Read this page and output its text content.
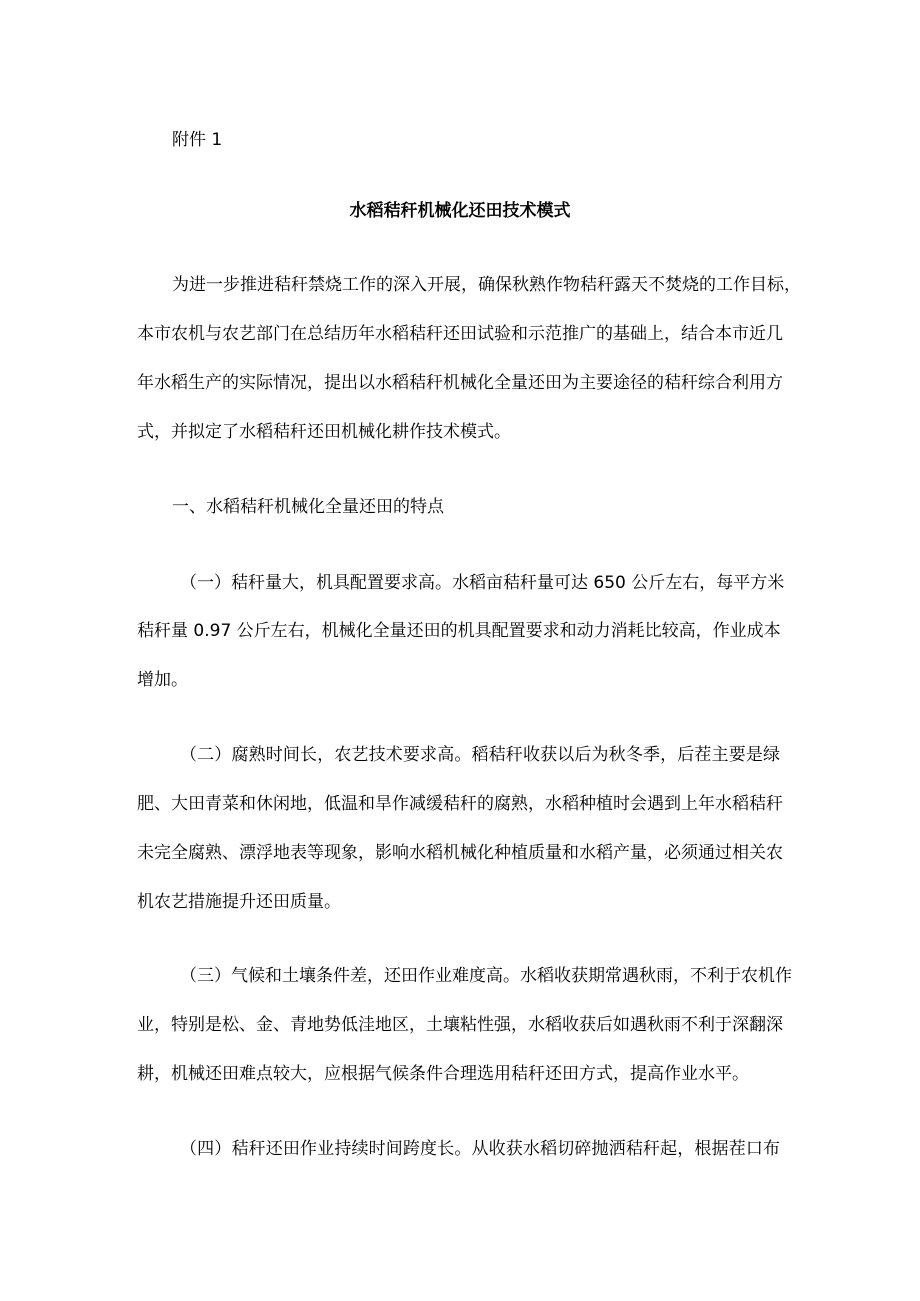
附件 1
水稻秸秆机械化还田技术模式
为进一步推进秸秆禁烧工作的深入开展，确保秋熟作物秸秆露天不焚烧的工作目标，
本市农机与农艺部门在总结历年水稻秸秆还田试验和示范推广的基础上，结合本市近几
年水稻生产的实际情况，提出以水稻秸秆机械化全量还田为主要途径的秸秆综合利用方
式，并拟定了水稻秸秆还田机械化耕作技术模式。
一、水稻秸秆机械化全量还田的特点
（一）秸秆量大，机具配置要求高。水稻亩秸秆量可达 650 公斤左右，每平方米
秸秆量 0.97 公斤左右，机械化全量还田的机具配置要求和动力消耗比较高，作业成本
增加。
（二）腐熟时间长，农艺技术要求高。稻秸秆收获以后为秋冬季，后茬主要是绿
肥、大田青菜和休闲地，低温和旱作减缓秸秆的腐熟，水稻种植时会遇到上年水稻秸秆
未完全腐熟、漂浮地表等现象，影响水稻机械化种植质量和水稻产量，必须通过相关农
机农艺措施提升还田质量。
（三）气候和土壤条件差，还田作业难度高。水稻收获期常遇秋雨，不利于农机作
业，特别是松、金、青地势低洼地区，土壤粘性强，水稻收获后如遇秋雨不利于深翻深
耕，机械还田难点较大，应根据气候条件合理选用秸秆还田方式，提高作业水平。
（四）秸秆还田作业持续时间跨度长。从收获水稻切碎抛洒秸秆起，根据茬口布
